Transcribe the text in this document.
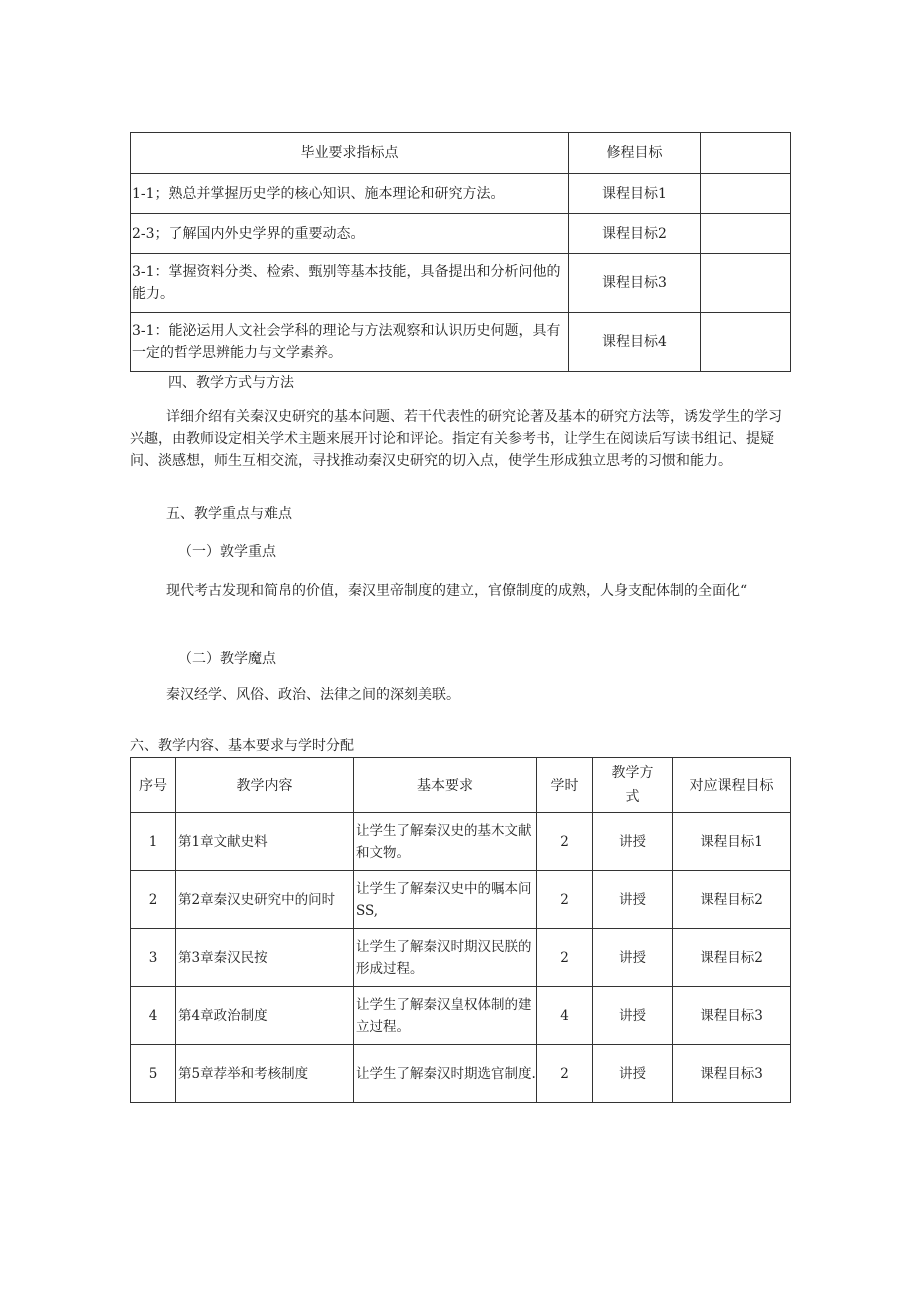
毕业要求指标点	修程目标	
1-1；熟总并掌握历史学的核心知识、施本理论和研究方法。	课程目标1	
2-3；了解国内外史学界的重要动态。	课程目标2	
3-1：掌握资料分类、检索、甄别等基本技能，具备提出和分析问他的能力。	课程目标3	
3-1：能泌运用人文社会学科的理论与方法观察和认识历史何题，具有一定的哲学思辨能力与文学素养。	课程目标4	
四、教学方式与方法
详细介绍有关秦汉史研究的基本问题、若干代表性的研究论著及基本的研究方法等，诱发学生的学习兴趣，由教师设定相关学术主题来展开讨论和评论。指定有关参考书，让学生在阅读后写读书组记、提疑问、淡感想，师生互相交流，寻找推动秦汉史研究的切入点，使学生形成独立思考的习惯和能力。
五、教学重点与难点
（一）敦学重点
现代考古发现和简帛的价值，秦汉里帝制度的建立，官僚制度的成熟，人身支配体制的全面化“
（二）教学魔点
秦汉经学、风俗、政治、法律之间的深刻美联。
六、教学内容、基本要求与学时分配
序号	教学内容	基本要求	学时	教学方式	对应课程目标
1	第1章文献史料	让学生了解秦汉史的基木文献和文物。	2	讲授	课程目标1
2	第2章秦汉史研究中的问时	让学生了解秦汉史中的嘱本问SS,	2	讲授	课程目标2
3	第3章秦汉民按	让学生了解秦汉时期汉民朕的形成过程。	2	讲授	课程目标2
4	第4章政治制度	让学生了解秦汉皇权体制的建立过程。	4	讲授	课程目标3
5	第5章荐举和考核制度	让学生了解秦汉时期选官制度.	2	讲授	课程目标3
